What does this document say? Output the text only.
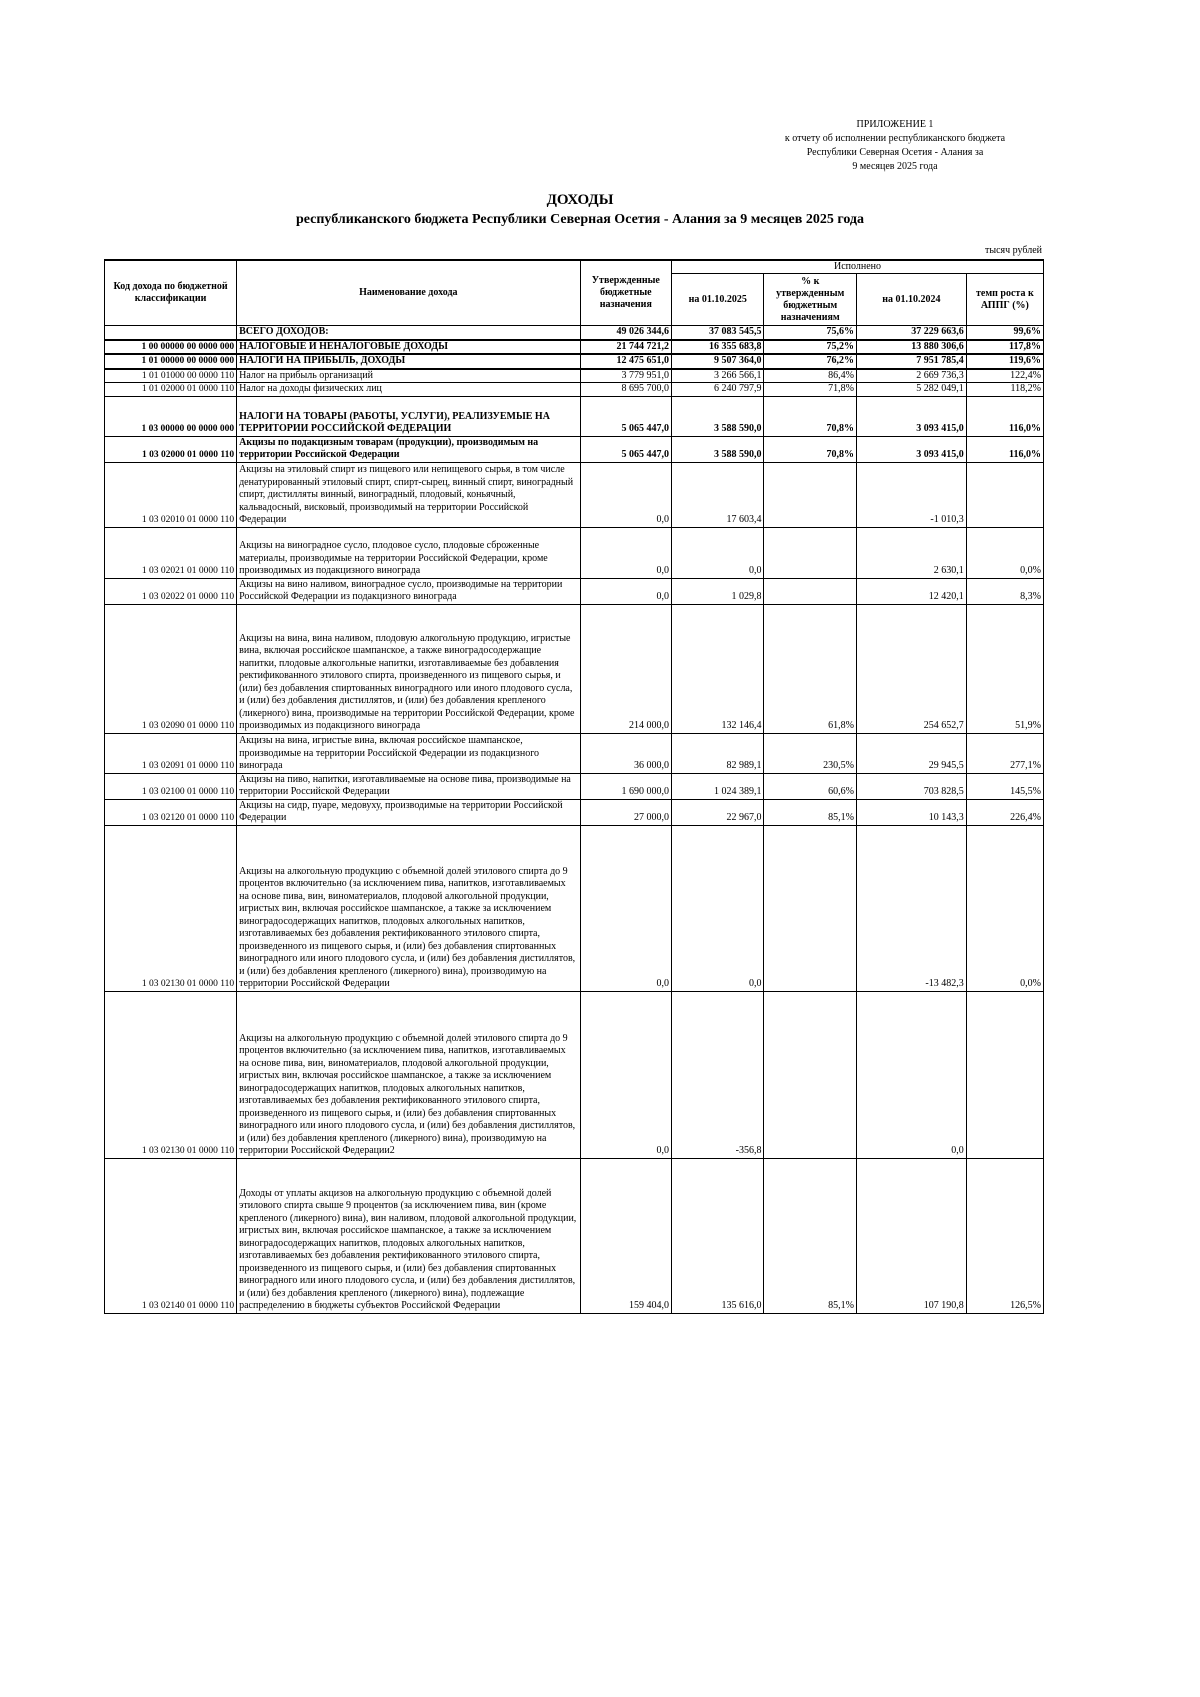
ПРИЛОЖЕНИЕ 1
к отчету об исполнении республиканского бюджета
Республики Северная Осетия - Алания за
9 месяцев 2025 года
ДОХОДЫ
республиканского бюджета Республики Северная Осетия - Алания за 9 месяцев 2025 года
тысяч рублей
Код дохода по бюджетной классификации	Наименование дохода	Утвержденные бюджетные назначения	Исполнено			
			на 01.10.2025	% к утвержденным бюджетным назначениям	на 01.10.2024	темп роста к АППГ (%)
	ВСЕГО ДОХОДОВ:	49 026 344,6	37 083 545,5	75,6%	37 229 663,6	99,6%
1 00 00000 00 0000 000	НАЛОГОВЫЕ И НЕНАЛОГОВЫЕ ДОХОДЫ	21 744 721,2	16 355 683,8	75,2%	13 880 306,6	117,8%
1 01 00000 00 0000 000	НАЛОГИ НА ПРИБЫЛЬ, ДОХОДЫ	12 475 651,0	9 507 364,0	76,2%	7 951 785,4	119,6%
1 01 01000 00 0000 110	Налог на прибыль организаций	3 779 951,0	3 266 566,1	86,4%	2 669 736,3	122,4%
1 01 02000 01 0000 110	Налог на доходы физических лиц	8 695 700,0	6 240 797,9	71,8%	5 282 049,1	118,2%
1 03 00000 00 0000 000	НАЛОГИ НА ТОВАРЫ (РАБОТЫ, УСЛУГИ), РЕАЛИЗУЕМЫЕ НА ТЕРРИТОРИИ РОССИЙСКОЙ ФЕДЕРАЦИИ	5 065 447,0	3 588 590,0	70,8%	3 093 415,0	116,0%
1 03 02000 01 0000 110	Акцизы по подакцизным товарам (продукции), производимым на территории Российской Федерации	5 065 447,0	3 588 590,0	70,8%	3 093 415,0	116,0%
1 03 02010 01 0000 110	Акцизы на этиловый спирт из пищевого или непищевого сырья, в том числе денатурированный этиловый спирт, спирт-сырец, винный спирт, виноградный спирт, дистилляты винный, виноградный, плодовый, коньячный, кальвадосный, висковый, производимый на территории Российской Федерации	0,0	17 603,4		-1 010,3	
1 03 02021 01 0000 110	Акцизы на виноградное сусло, плодовое сусло, плодовые сброженные материалы, производимые на территории Российской Федерации, кроме производимых из подакцизного винограда	0,0	0,0		2 630,1	0,0%
1 03 02022 01 0000 110	Акцизы на вино наливом, виноградное сусло, производимые на территории Российской Федерации из подакцизного винограда	0,0	1 029,8		12 420,1	8,3%
1 03 02090 01 0000 110	Акцизы на вина, вина наливом, плодовую алкогольную продукцию, игристые вина, включая российское шампанское, а также виноградосодержащие напитки, плодовые алкогольные напитки, изготавливаемые без добавления ректификованного этилового спирта, произведенного из пищевого сырья, и (или) без добавления спиртованных виноградного или иного плодового сусла, и (или) без добавления дистиллятов, и (или) без добавления крепленого (ликерного) вина, производимые на территории Российской Федерации, кроме производимых из подакцизного винограда	214 000,0	132 146,4	61,8%	254 652,7	51,9%
1 03 02091 01 0000 110	Акцизы на вина, игристые вина, включая российское шампанское, производимые на территории Российской Федерации из подакцизного винограда	36 000,0	82 989,1	230,5%	29 945,5	277,1%
1 03 02100 01 0000 110	Акцизы на пиво, напитки, изготавливаемые на основе пива, производимые на территории Российской Федерации	1 690 000,0	1 024 389,1	60,6%	703 828,5	145,5%
1 03 02120 01 0000 110	Акцизы на сидр, пуаре, медовуху, производимые на территории Российской Федерации	27 000,0	22 967,0	85,1%	10 143,3	226,4%
1 03 02130 01 0000 110	Акцизы на алкогольную продукцию с объемной долей этилового спирта до 9 процентов включительно (за исключением пива, напитков, изготавливаемых на основе пива, вин, виноматериалов, плодовой алкогольной продукции, игристых вин, включая российское шампанское, а также за исключением виноградосодержащих напитков, плодовых алкогольных напитков, изготавливаемых без добавления ректификованного этилового спирта, произведенного из пищевого сырья, и (или) без добавления спиртованных виноградного или иного плодового сусла, и (или) без добавления дистиллятов, и (или) без добавления крепленого (ликерного) вина), производимую на территории Российской Федерации	0,0	0,0		-13 482,3	0,0%
1 03 02130 01 0000 110	Акцизы на алкогольную продукцию с объемной долей этилового спирта до 9 процентов включительно (за исключением пива, напитков, изготавливаемых на основе пива, вин, виноматериалов, плодовой алкогольной продукции, игристых вин, включая российское шампанское, а также за исключением виноградосодержащих напитков, плодовых алкогольных напитков, изготавливаемых без добавления ректификованного этилового спирта, произведенного из пищевого сырья, и (или) без добавления спиртованных виноградного или иного плодового сусла, и (или) без добавления дистиллятов, и (или) без добавления крепленого (ликерного) вина), производимую на территории Российской Федерации2	0,0	-356,8		0,0	
1 03 02140 01 0000 110	Доходы от уплаты акцизов на алкогольную продукцию с объемной долей этилового спирта свыше 9 процентов (за исключением пива, вин (кроме крепленого (ликерного) вина), вин наливом, плодовой алкогольной продукции, игристых вин, включая российское шампанское, а также за исключением виноградосодержащих напитков, плодовых алкогольных напитков, изготавливаемых без добавления ректификованного этилового спирта, произведенного из пищевого сырья, и (или) без добавления спиртованных виноградного или иного плодового сусла, и (или) без добавления дистиллятов, и (или) без добавления крепленого (ликерного) вина), подлежащие распределению в бюджеты субъектов Российской Федерации	159 404,0	135 616,0	85,1%	107 190,8	126,5%
